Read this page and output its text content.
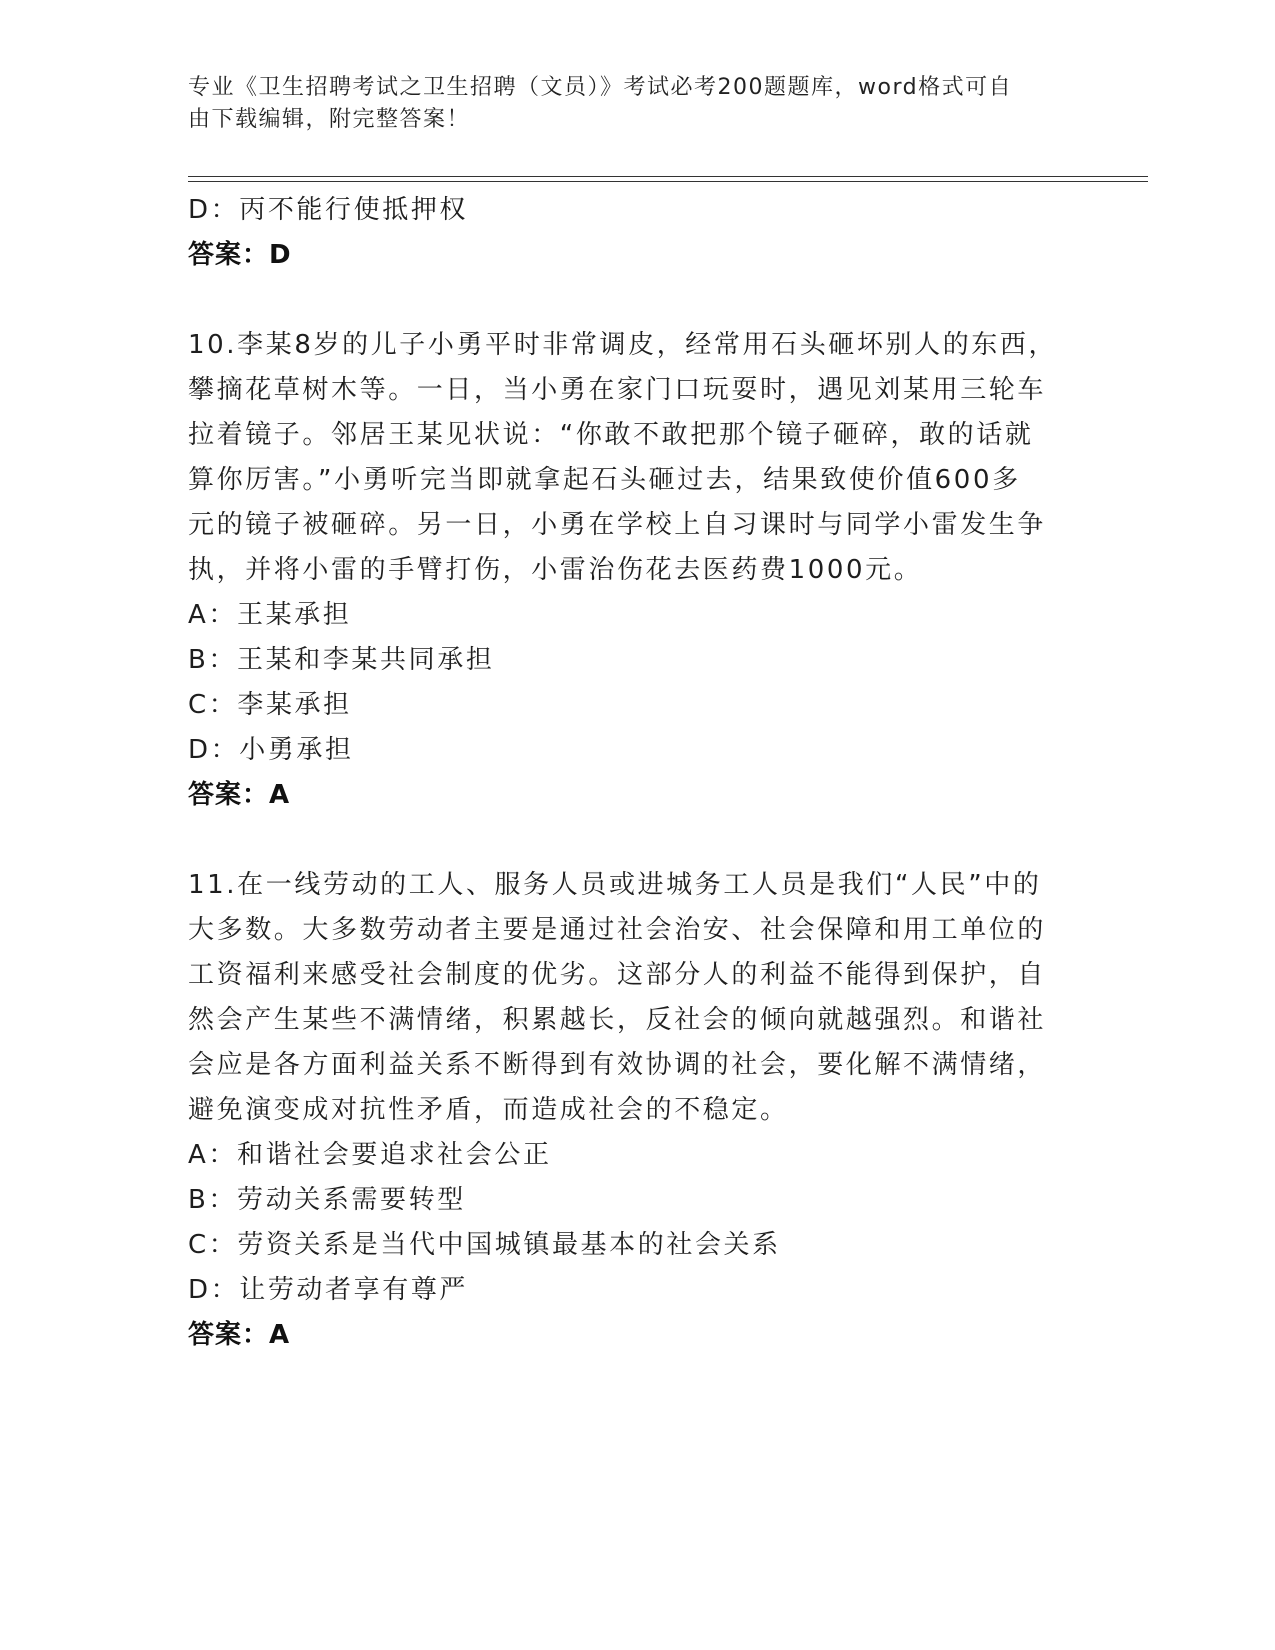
专业《卫生招聘考试之卫生招聘（文员）》考试必考200题题库，word格式可自
由下载编辑，附完整答案！
D：丙不能行使抵押权
答案：D
10.李某8岁的儿子小勇平时非常调皮，经常用石头砸坏别人的东西，
攀摘花草树木等。一日，当小勇在家门口玩耍时，遇见刘某用三轮车
拉着镜子。邻居王某见状说：“你敢不敢把那个镜子砸碎，敢的话就
算你厉害。”小勇听完当即就拿起石头砸过去，结果致使价值600多
元的镜子被砸碎。另一日，小勇在学校上自习课时与同学小雷发生争
执，并将小雷的手臂打伤，小雷治伤花去医药费1000元。
A：王某承担
B：王某和李某共同承担
C：李某承担
D：小勇承担
答案：A
11.在一线劳动的工人、服务人员或进城务工人员是我们“人民”中的
大多数。大多数劳动者主要是通过社会治安、社会保障和用工单位的
工资福利来感受社会制度的优劣。这部分人的利益不能得到保护，自
然会产生某些不满情绪，积累越长，反社会的倾向就越强烈。和谐社
会应是各方面利益关系不断得到有效协调的社会，要化解不满情绪，
避免演变成对抗性矛盾，而造成社会的不稳定。
A：和谐社会要追求社会公正
B：劳动关系需要转型
C：劳资关系是当代中国城镇最基本的社会关系
D：让劳动者享有尊严
答案：A
